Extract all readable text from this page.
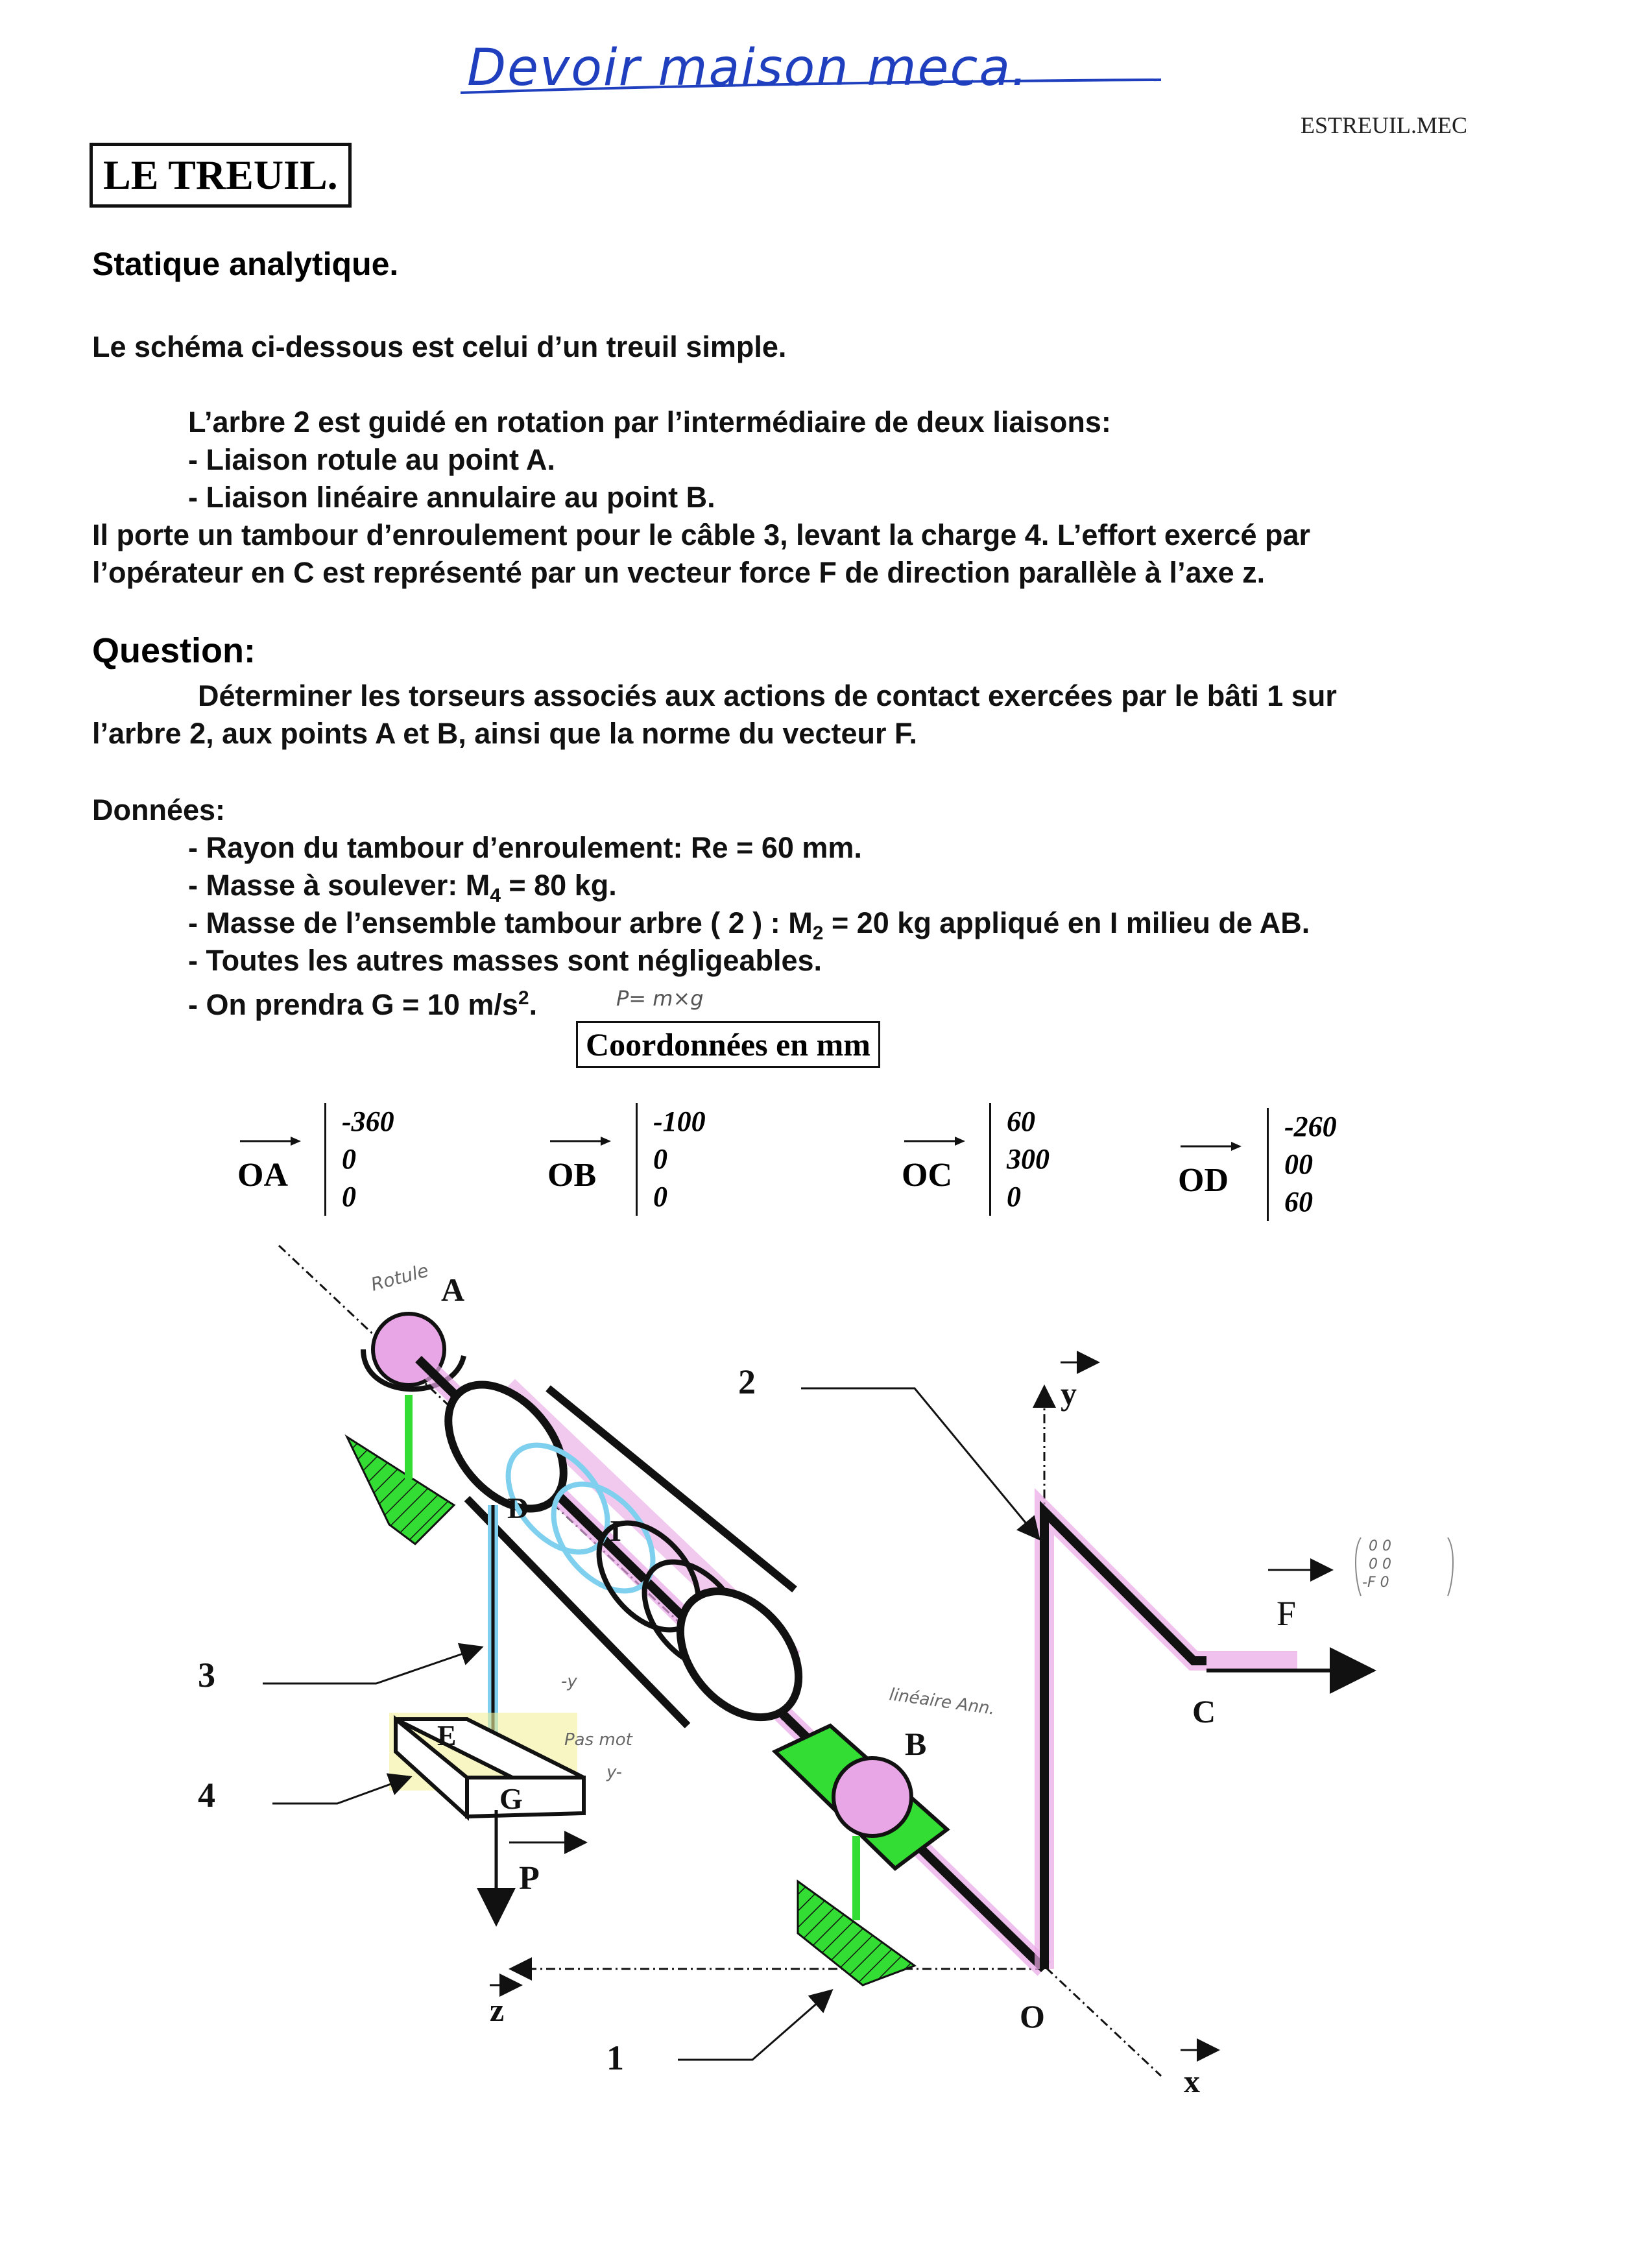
Devoir maison meca.
ESTREUIL.MEC
LE TREUIL.
Statique analytique.
Le schéma ci-dessous est celui d’un treuil simple.
L’arbre 2 est guidé en rotation par l’intermédiaire de deux liaisons:
- Liaison rotule au point A.
- Liaison linéaire annulaire au point B.
Il porte un tambour d’enroulement pour le câble 3, levant la charge 4. L’effort exercé par
l’opérateur en C est représenté par un vecteur force F de direction parallèle à l’axe z.
Question:
Déterminer les torseurs associés aux actions de contact exercées par le bâti 1 sur
l’arbre 2, aux points A et B, ainsi que la norme du vecteur F.
Données:
- Rayon du tambour d’enroulement: Re = 60 mm.
- Masse à soulever: $M_4 = 80$ kg.
- Masse de l’ensemble tambour arbre ( 2 ) : $M_2 = 20$ kg appliqué en I milieu de AB.
- Toutes les autres masses sont négligeables.
- On prendra G = 10 $m/s^2$.	P= m×g
Coordonnées en mm
OA
-360
0
0
OB
-100
0
0
OC
60
300
0	OD
-260
00
60
A
B
C
D
E
G
I
O
2
3
4
1
F
P
y
x
z
Rotule
linéaire Ann.
-y
Pas mot
y-
0 0
0 0
-F 0
